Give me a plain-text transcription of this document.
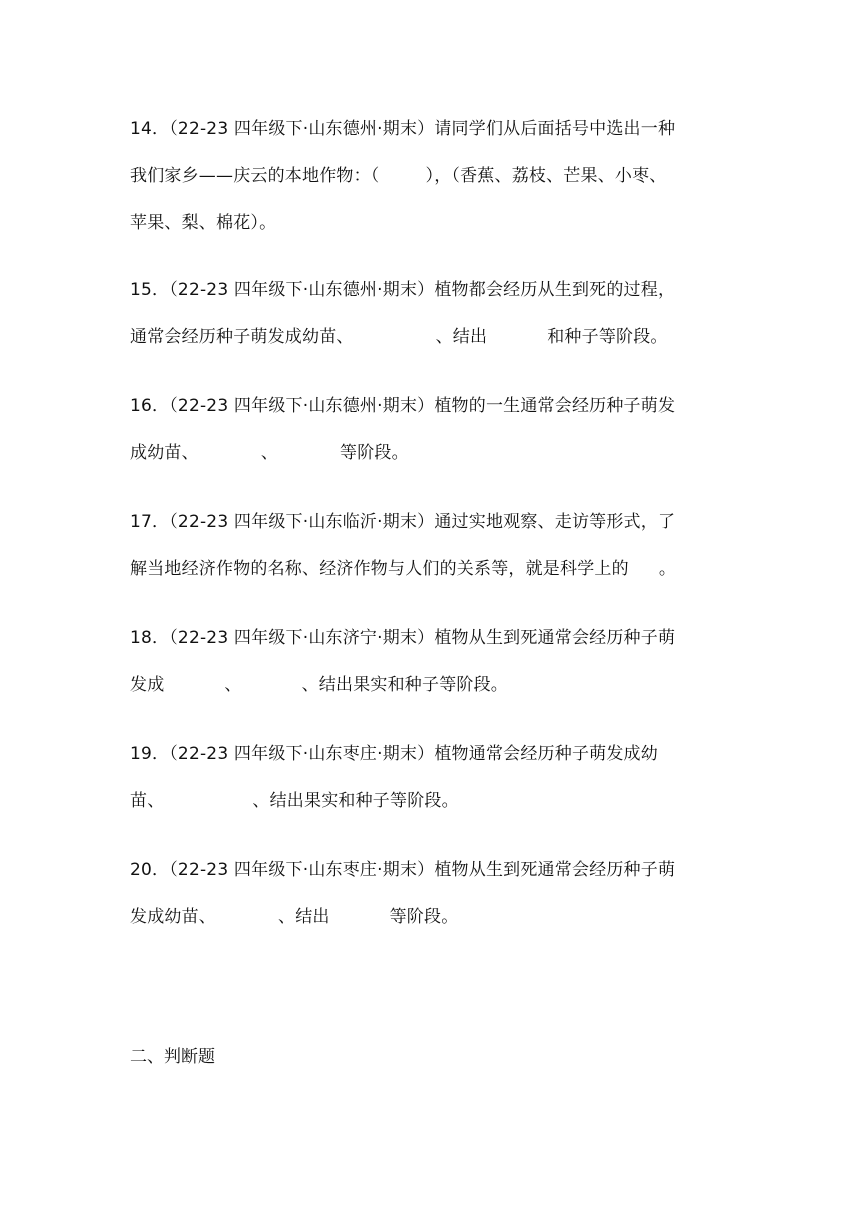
14．（22-23 四年级下·山东德州·期末）请同学们从后面括号中选出一种
我们家乡——庆云的本地作物：（	），（香蕉、荔枝、芒果、小枣、
苹果、梨、棉花）。
15．（22-23 四年级下·山东德州·期末）植物都会经历从生到死的过程，
通常会经历种子萌发成幼苗、	、结出	和种子等阶段。
16．（22-23 四年级下·山东德州·期末）植物的一生通常会经历种子萌发
成幼苗、	、	等阶段。
17．（22-23 四年级下·山东临沂·期末）通过实地观察、走访等形式，了
解当地经济作物的名称、经济作物与人们的关系等，就是科学上的 。
18．（22-23 四年级下·山东济宁·期末）植物从生到死通常会经历种子萌
发成	、	、结出果实和种子等阶段。
19．（22-23 四年级下·山东枣庄·期末）植物通常会经历种子萌发成幼
苗、	、结出果实和种子等阶段。
20．（22-23 四年级下·山东枣庄·期末）植物从生到死通常会经历种子萌
发成幼苗、	、结出	等阶段。
二、判断题
